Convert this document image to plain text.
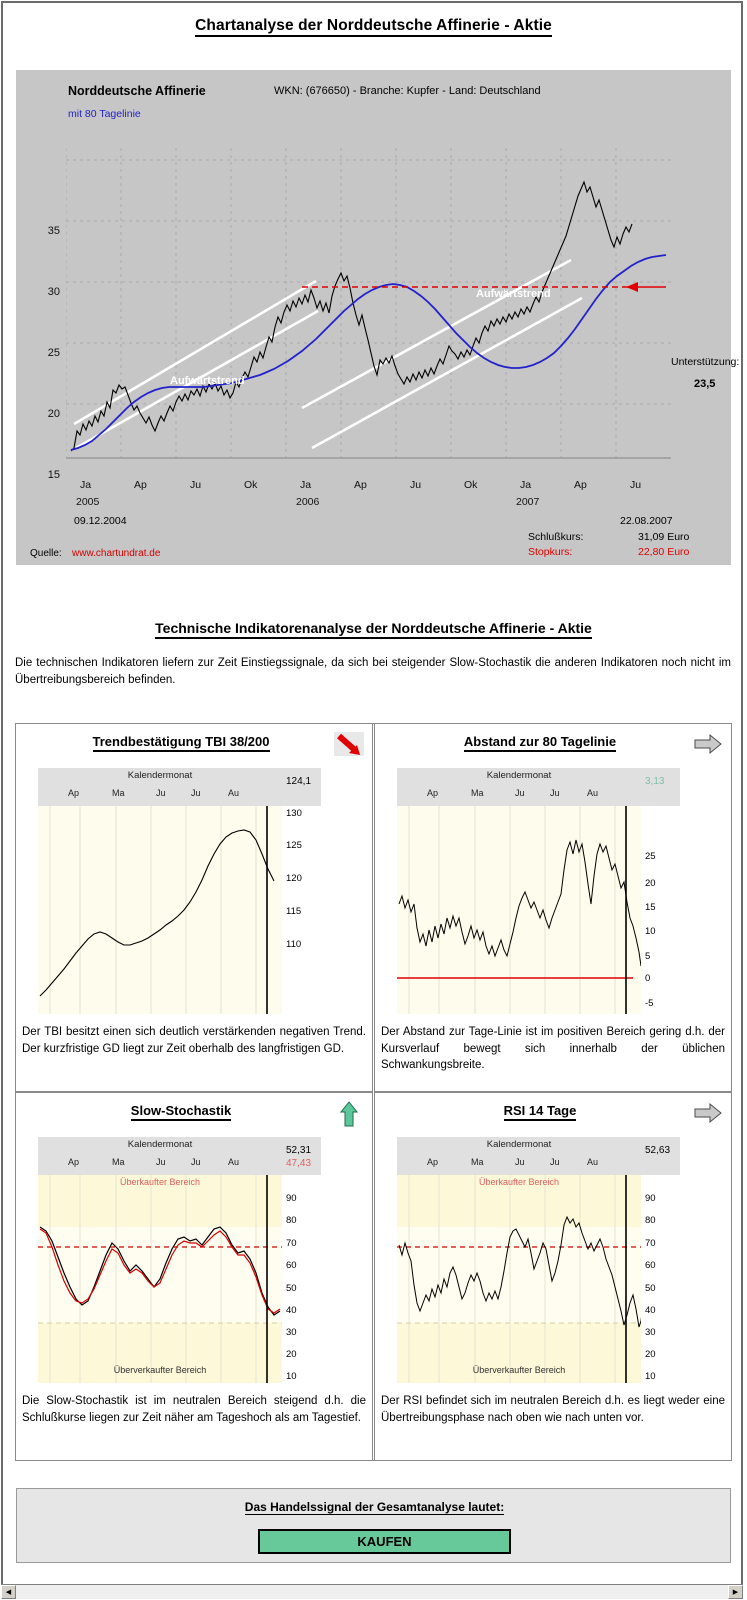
Chartanalyse der Norddeutsche Affinerie - Aktie
Norddeutsche Affinerie	WKN: (676650) - Branche: Kupfer - Land: Deutschland
mit 80 Tagelinie
35
30
25
20
15
Aufwärtstrend
Aufwärtstrend
Unterstützung:
23,5
Ja	Ap	Ju	Ok	Ja	Ap	Ju	Ok	Ja	Ap	Ju
2005	2006	2007
09.12.2004	22.08.2007
Schlußkurs:	31,09 Euro
Stopkurs:	22,80 Euro
Quelle: www.chartundrat.de
Technische Indikatorenanalyse der Norddeutsche Affinerie - Aktie
Die technischen Indikatoren liefern zur Zeit Einstiegssignale, da sich bei steigender Slow-Stochastik die anderen Indikatoren noch nicht im Übertreibungsbereich befinden.
Trendbestätigung TBI 38/200
Kalendermonat
Ap	Ma	Ju	Ju	Au
124,1
130
125
120
115
110
Der TBI besitzt einen sich deutlich verstärkenden negativen Trend. Der kurzfristige GD liegt zur Zeit oberhalb des langfristigen GD.
Abstand zur 80 Tagelinie
Kalendermonat
Ap	Ma	Ju	Ju	Au
3,13
25
20
15
10
5
0
-5
Der Abstand zur Tage-Linie ist im positiven Bereich gering d.h. der Kursverlauf bewegt sich innerhalb der üblichen Schwankungsbreite.
Slow-Stochastik
Kalendermonat
Ap	Ma	Ju	Ju	Au
52,31
47,43
Überkaufter Bereich
Überverkaufter Bereich
90
80
70
60
50
40
30
20
10
Die Slow-Stochastik ist im neutralen Bereich steigend d.h. die Schlußkurse liegen zur Zeit näher am Tageshoch als am Tagestief.
RSI 14 Tage
Kalendermonat
Ap	Ma	Ju	Ju	Au
52,63
Überkaufter Bereich
Überverkaufter Bereich
90
80
70
60
50
40
30
20
10
Der RSI befindet sich im neutralen Bereich d.h. es liegt weder eine Übertreibungsphase nach oben wie nach unten vor.
Das Handelssignal der Gesamtanalyse lautet:
KAUFEN
◀	▶
